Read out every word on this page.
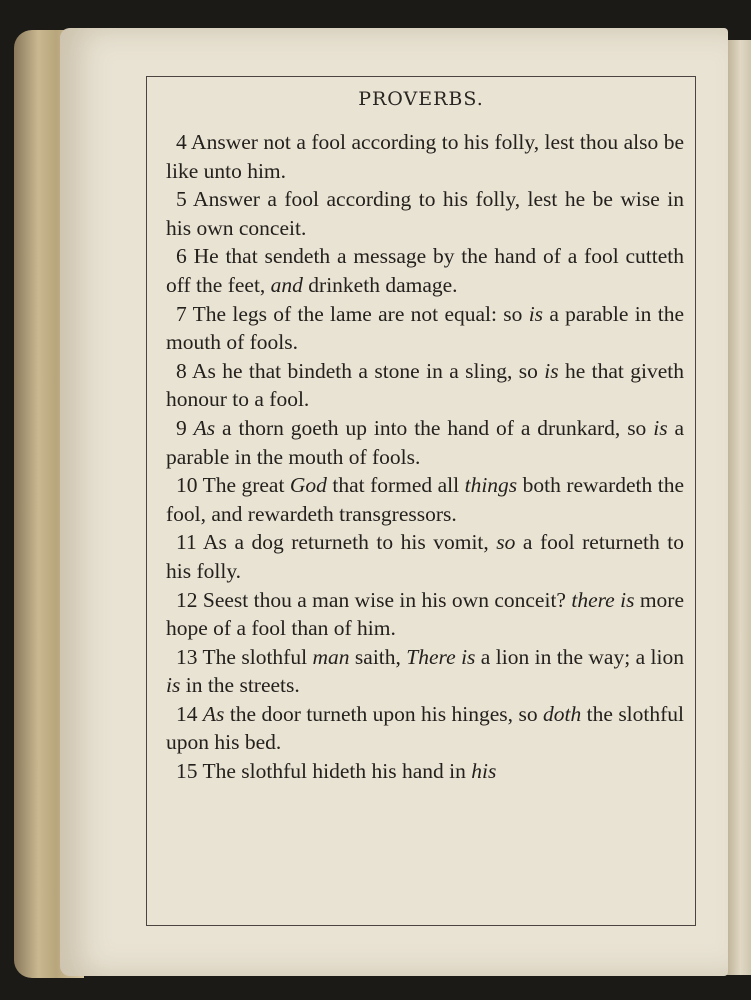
PROVERBS.

4 Answer not a fool according to his folly, lest thou also be like unto him.

5 Answer a fool according to his folly, lest he be wise in his own conceit.

6 He that sendeth a message by the hand of a fool cutteth off the feet, and drinketh damage.

7 The legs of the lame are not equal: so is a parable in the mouth of fools.

8 As he that bindeth a stone in a sling, so is he that giveth honour to a fool.

9 As a thorn goeth up into the hand of a drunkard, so is a parable in the mouth of fools.

10 The great God that formed all things both rewardeth the fool, and rewardeth transgressors.

11 As a dog returneth to his vomit, so a fool returneth to his folly.

12 Seest thou a man wise in his own conceit? there is more hope of a fool than of him.

13 The slothful man saith, There is a lion in the way; a lion is in the streets.

14 As the door turneth upon his hinges, so doth the slothful upon his bed.

15 The slothful hideth his hand in his
